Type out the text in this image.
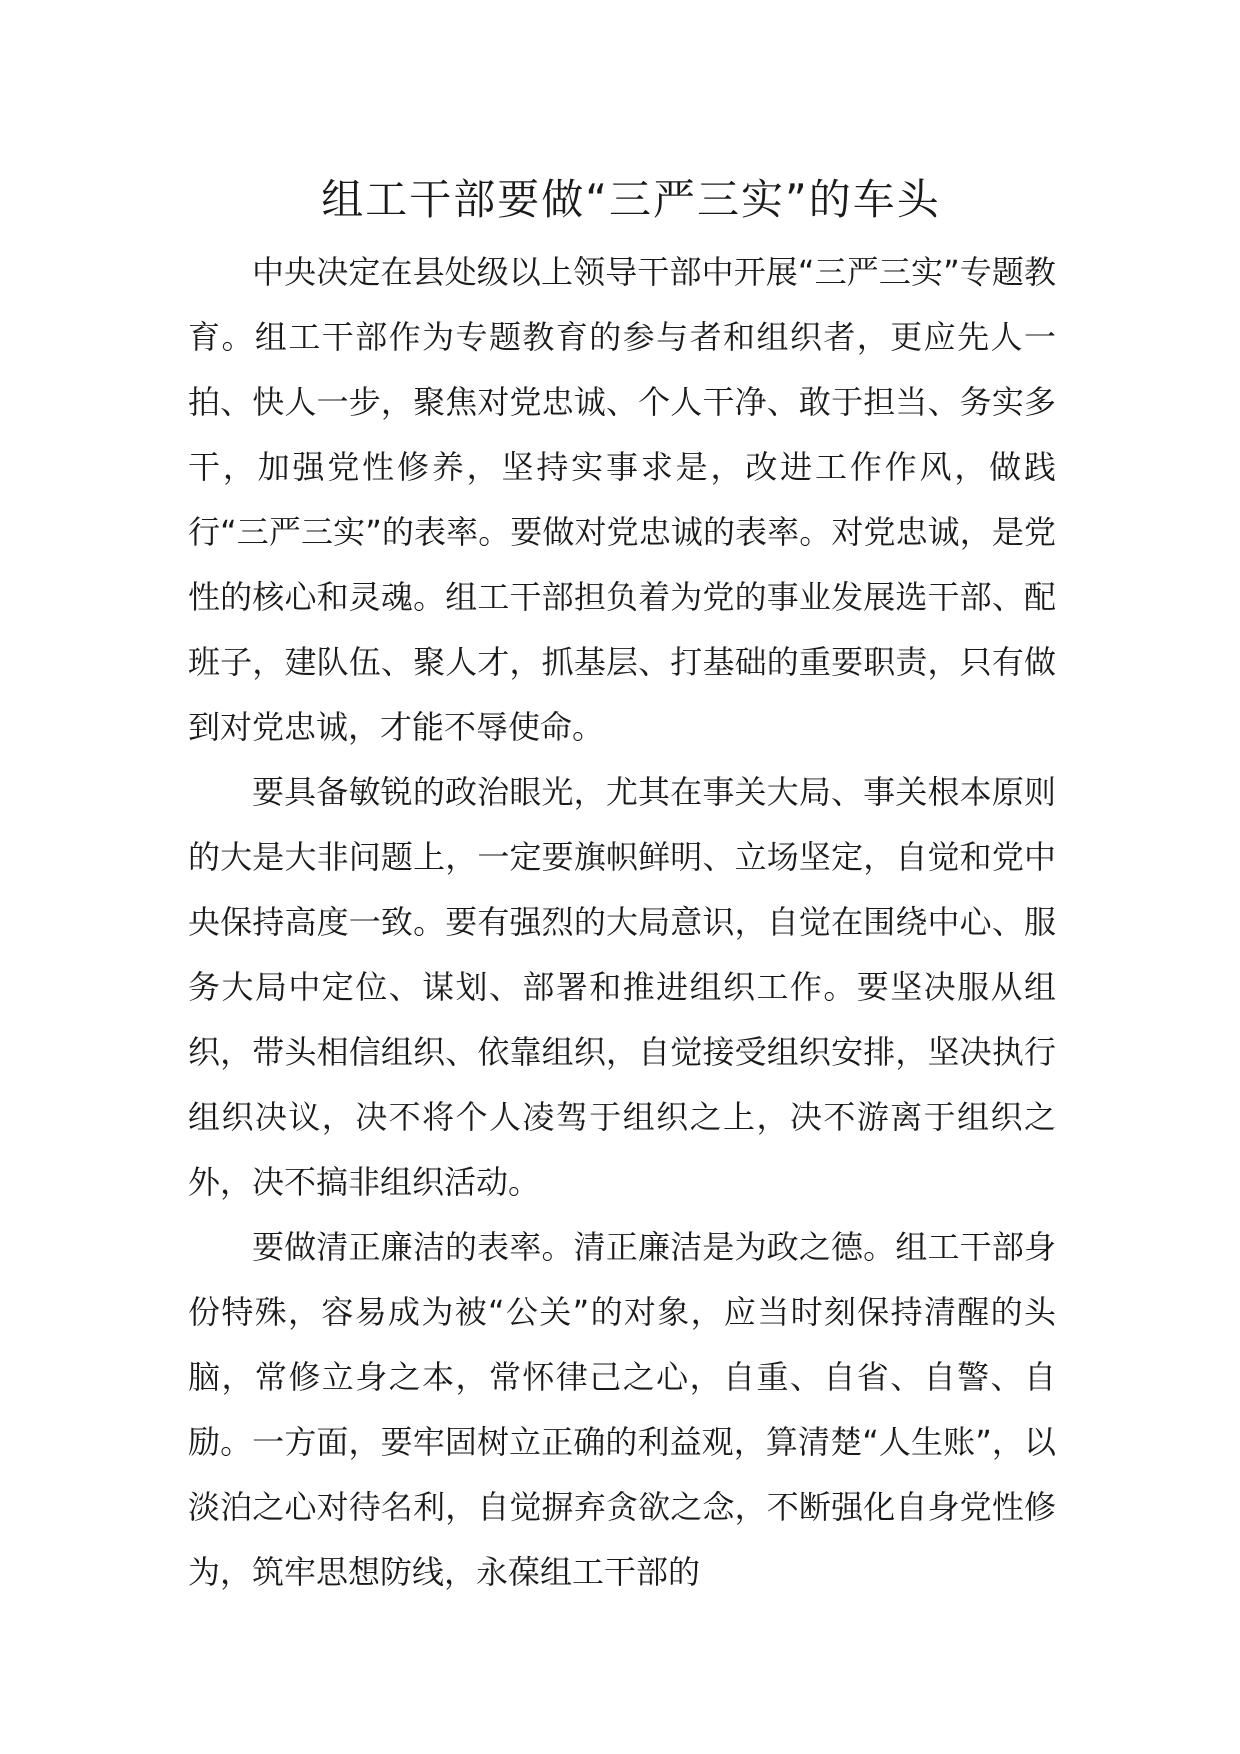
组工干部要做“三严三实”的车头

中央决定在县处级以上领导干部中开展“三严三实”专题教育。组工干部作为专题教育的参与者和组织者，更应先人一拍、快人一步，聚焦对党忠诚、个人干净、敢于担当、务实多干，加强党性修养，坚持实事求是，改进工作作风，做践行“三严三实”的表率。要做对党忠诚的表率。对党忠诚，是党性的核心和灵魂。组工干部担负着为党的事业发展选干部、配班子，建队伍、聚人才，抓基层、打基础的重要职责，只有做到对党忠诚，才能不辱使命。

要具备敏锐的政治眼光，尤其在事关大局、事关根本原则的大是大非问题上，一定要旗帜鲜明、立场坚定，自觉和党中央保持高度一致。要有强烈的大局意识，自觉在围绕中心、服务大局中定位、谋划、部署和推进组织工作。要坚决服从组织，带头相信组织、依靠组织，自觉接受组织安排，坚决执行组织决议，决不将个人凌驾于组织之上，决不游离于组织之外，决不搞非组织活动。

要做清正廉洁的表率。清正廉洁是为政之德。组工干部身份特殊，容易成为被“公关”的对象，应当时刻保持清醒的头脑，常修立身之本，常怀律己之心，自重、自省、自警、自励。一方面，要牢固树立正确的利益观，算清楚“人生账”，以淡泊之心对待名利，自觉摒弃贪欲之念，不断强化自身党性修为，筑牢思想防线，永葆组工干部的
